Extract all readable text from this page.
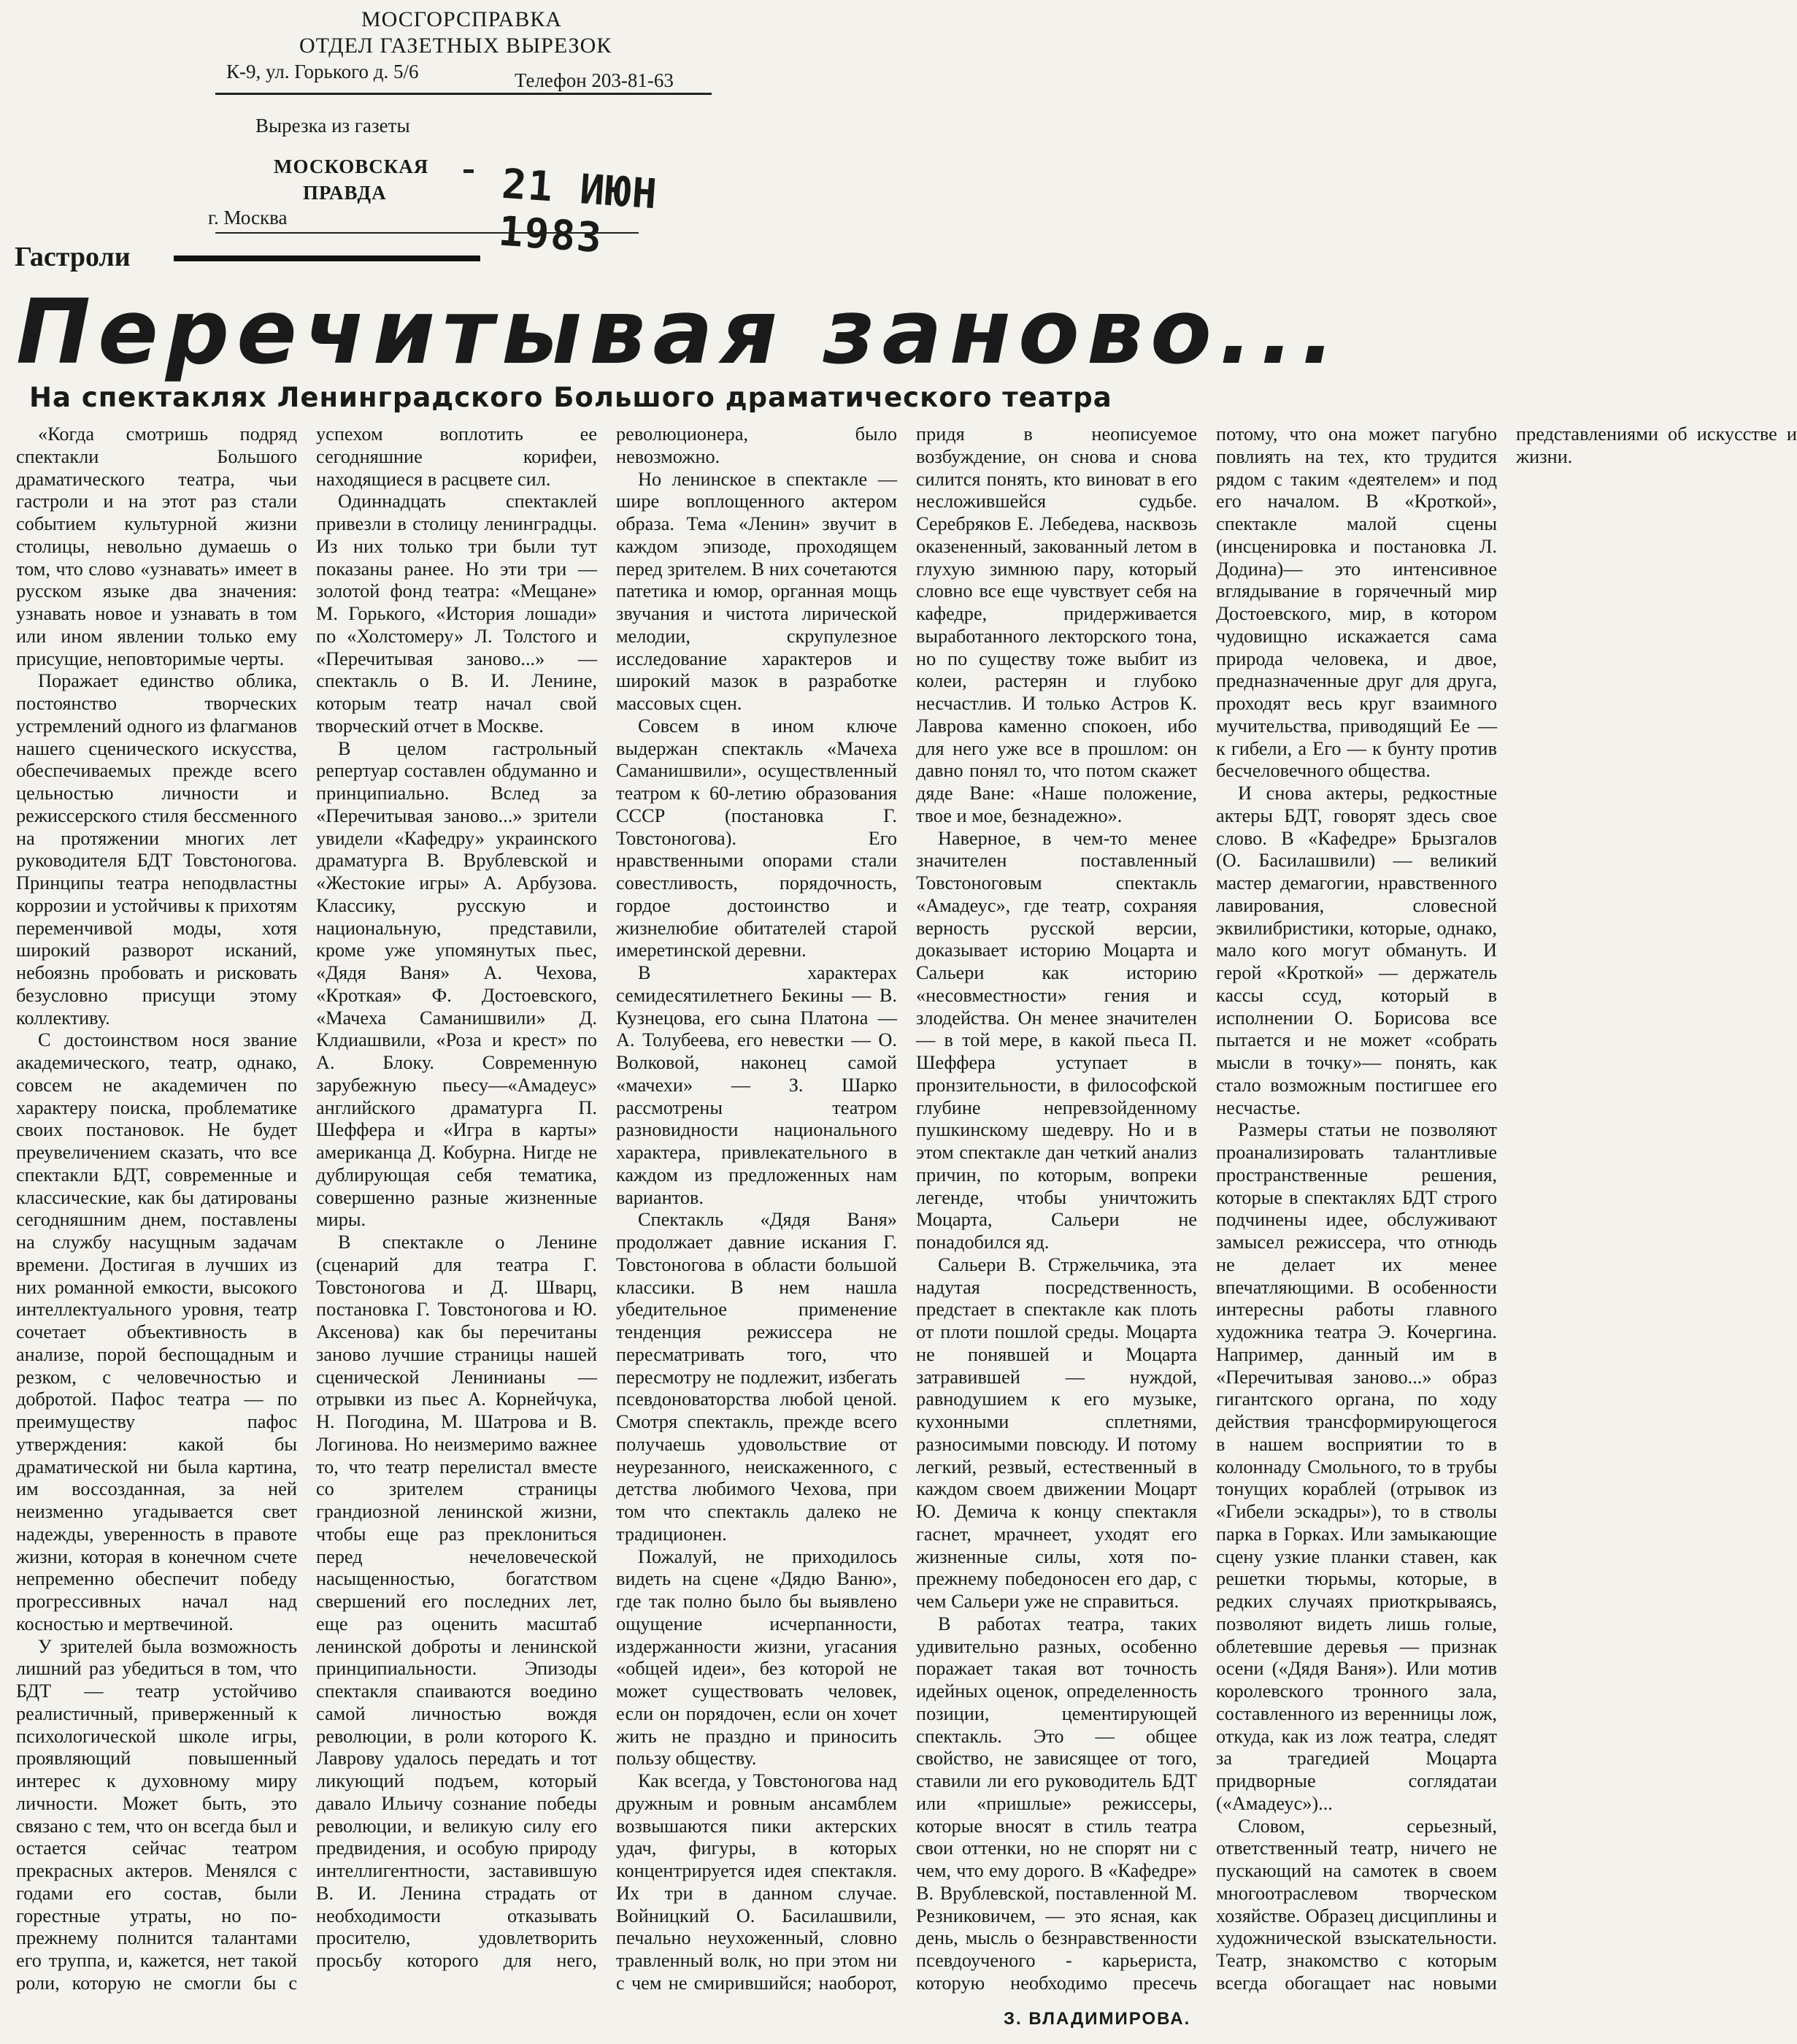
МОСГОРСПРАВКА
ОТДЕЛ ГАЗЕТНЫХ ВЫРЕЗОК
К-9, ул. Горького д. 5/6	Телефон 203-81-63
Вырезка из газеты
МОСКОВСКАЯ
ПРАВДА	21 ИЮН 1983
г. Москва
Гастроли
Перечитывая заново...
На спектаклях Ленинградского Большого драматического театра

«Когда смотришь подряд спектакли Большого драматического театра, чьи гастроли и на этот раз стали событием культурной жизни столицы, невольно думаешь о том, что слово «узнавать» имеет в русском языке два значения: узнавать новое и узнавать в том или ином явлении только ему присущие, неповторимые черты.

Поражает единство облика, постоянство творческих устремлений одного из флагманов нашего сценического искусства, обеспечиваемых прежде всего цельностью личности и режиссерского стиля бессменного на протяжении многих лет руководителя БДТ Товстоногова. Принципы театра неподвластны коррозии и устойчивы к прихотям переменчивой моды, хотя широкий разворот исканий, небоязнь пробовать и рисковать безусловно присущи этому коллективу.

С достоинством нося звание академического, театр, однако, совсем не академичен по характеру поиска, проблематике своих постановок. Не будет преувеличением сказать, что все спектакли БДТ, современные и классические, как бы датированы сегодняшним днем, поставлены на службу насущным задачам времени. Достигая в лучших из них романной емкости, высокого интеллектуального уровня, театр сочетает объективность в анализе, порой беспощадным и резком, с человечностью и добротой. Пафос театра — по преимуществу пафос утверждения: какой бы драматической ни была картина, им воссозданная, за ней неизменно угадывается свет надежды, уверенность в правоте жизни, которая в конечном счете непременно обеспечит победу прогрессивных начал над косностью и мертвечиной.

У зрителей была возможность лишний раз убедиться в том, что БДТ — театр устойчиво реалистичный, приверженный к психологической школе игры, проявляющий повышенный интерес к духовному миру личности. Может быть, это связано с тем, что он всегда был и остается сейчас театром прекрасных актеров. Менялся с годами его состав, были горестные утраты, но по-прежнему полнится талантами его труппа, и, кажется, нет такой роли, которую не смогли бы с успехом воплотить ее сегодняшние корифеи, находящиеся в расцвете сил.

Одиннадцать спектаклей привезли в столицу ленинградцы. Из них только три были тут показаны ранее. Но эти три — золотой фонд театра: «Мещане» М. Горького, «История лошади» по «Холстомеру» Л. Толстого и «Перечитывая заново...» — спектакль о В. И. Ленине, которым театр начал свой творческий отчет в Москве.

В целом гастрольный репертуар составлен обдуманно и принципиально. Вслед за «Перечитывая заново...» зрители увидели «Кафедру» украинского драматурга В. Врублевской и «Жестокие игры» А. Арбузова. Классику, русскую и национальную, представили, кроме уже упомянутых пьес, «Дядя Ваня» А. Чехова, «Кроткая» Ф. Достоевского, «Мачеха Саманишвили» Д. Клдиашвили, «Роза и крест» по А. Блоку. Современную зарубежную пьесу—«Амадеус» английского драматурга П. Шеффера и «Игра в карты» американца Д. Кобурна. Нигде не дублирующая себя тематика, совершенно разные жизненные миры.

В спектакле о Ленине (сценарий для театра Г. Товстоногова и Д. Шварц, постановка Г. Товстоногова и Ю. Аксенова) как бы перечитаны заново лучшие страницы нашей сценической Ленинианы — отрывки из пьес А. Корнейчука, Н. Погодина, М. Шатрова и В. Логинова. Но неизмеримо важнее то, что театр перелистал вместе со зрителем страницы грандиозной ленинской жизни, чтобы еще раз преклониться перед нечеловеческой насыщенностью, богатством свершений его последних лет, еще раз оценить масштаб ленинской доброты и ленинской принципиальности. Эпизоды спектакля спаиваются воедино самой личностью вождя революции, в роли которого К. Лаврову удалось передать и тот ликующий подъем, который давало Ильичу сознание победы революции, и великую силу его предвидения, и особую природу интеллигентности, заставившую В. И. Ленина страдать от необходимости отказывать просителю, удовлетворить просьбу которого для него, революционера, было невозможно.

Но ленинское в спектакле — шире воплощенного актером образа. Тема «Ленин» звучит в каждом эпизоде, проходящем перед зрителем. В них сочетаются патетика и юмор, органная мощь звучания и чистота лирической мелодии, скрупулезное исследование характеров и широкий мазок в разработке массовых сцен.

Совсем в ином ключе выдержан спектакль «Мачеха Саманишвили», осуществленный театром к 60-летию образования СССР (постановка Г. Товстоногова). Его нравственными опорами стали совестливость, порядочность, гордое достоинство и жизнелюбие обитателей старой имеретинской деревни.

В характерах семидесятилетнего Бекины — В. Кузнецова, его сына Платона — А. Толубеева, его невестки — О. Волковой, наконец самой «мачехи» — З. Шарко рассмотрены театром разновидности национального характера, привлекательного в каждом из предложенных нам вариантов.

Спектакль «Дядя Ваня» продолжает давние искания Г. Товстоногова в области большой классики. В нем нашла убедительное применение тенденция режиссера не пересматривать того, что пересмотру не подлежит, избегать псевдоноваторства любой ценой. Смотря спектакль, прежде всего получаешь удовольствие от неурезанного, неискаженного, с детства любимого Чехова, при том что спектакль далеко не традиционен.

Пожалуй, не приходилось видеть на сцене «Дядю Ваню», где так полно было бы выявлено ощущение исчерпанности, издержанности жизни, угасания «общей идеи», без которой не может существовать человек, если он порядочен, если он хочет жить не праздно и приносить пользу обществу.

Как всегда, у Товстоногова над дружным и ровным ансамблем возвышаются пики актерских удач, фигуры, в которых концентрируется идея спектакля. Их три в данном случае. Войницкий О. Басилашвили, печально неухоженный, словно травленный волк, но при этом ни с чем не смирившийся; наоборот, придя в неописуемое возбуждение, он снова и снова силится понять, кто виноват в его несложившейся судьбе. Серебряков Е. Лебедева, насквозь оказененный, закованный летом в глухую зимнюю пару, который словно все еще чувствует себя на кафедре, придерживается выработанного лекторского тона, но по существу тоже выбит из колеи, растерян и глубоко несчастлив. И только Астров К. Лаврова каменно спокоен, ибо для него уже все в прошлом: он давно понял то, что потом скажет дяде Ване: «Наше положение, твое и мое, безнадежно».

Наверное, в чем-то менее значителен поставленный Товстоноговым спектакль «Амадеус», где театр, сохраняя верность русской версии, доказывает историю Моцарта и Сальери как историю «несовместности» гения и злодейства. Он менее значителен — в той мере, в какой пьеса П. Шеффера уступает в пронзительности, в философской глубине непревзойденному пушкинскому шедевру. Но и в этом спектакле дан четкий анализ причин, по которым, вопреки легенде, чтобы уничтожить Моцарта, Сальери не понадобился яд.

Сальери В. Стржельчика, эта надутая посредственность, предстает в спектакле как плоть от плоти пошлой среды. Моцарта не понявшей и Моцарта затравившей — нуждой, равнодушием к его музыке, кухонными сплетнями, разносимыми повсюду. И потому легкий, резвый, естественный в каждом своем движении Моцарт Ю. Демича к концу спектакля гаснет, мрачнеет, уходят его жизненные силы, хотя по-прежнему победоносен его дар, с чем Сальери уже не справиться.

В работах театра, таких удивительно разных, особенно поражает такая вот точность идейных оценок, определенность позиции, цементирующей спектакль. Это — общее свойство, не зависящее от того, ставили ли его руководитель БДТ или «пришлые» режиссеры, которые вносят в стиль театра свои оттенки, но не спорят ни с чем, что ему дорого. В «Кафедре» В. Врублевской, поставленной М. Резниковичем, — это ясная, как день, мысль о безнравственности псевдоученого - карьериста, которую необходимо пресечь потому, что она может пагубно повлиять на тех, кто трудится рядом с таким «деятелем» и под его началом. В «Кроткой», спектакле малой сцены (инсценировка и постановка Л. Додина)— это интенсивное вглядывание в горячечный мир Достоевского, мир, в котором чудовищно искажается сама природа человека, и двое, предназначенные друг для друга, проходят весь круг взаимного мучительства, приводящий Ее — к гибели, а Его — к бунту против бесчеловечного общества.

И снова актеры, редкостные актеры БДТ, говорят здесь свое слово. В «Кафедре» Брызгалов (О. Басилашвили) — великий мастер демагогии, нравственного лавирования, словесной эквилибристики, которые, однако, мало кого могут обмануть. И герой «Кроткой» — держатель кассы ссуд, который в исполнении О. Борисова все пытается и не может «собрать мысли в точку»— понять, как стало возможным постигшее его несчастье.

Размеры статьи не позволяют проанализировать талантливые пространственные решения, которые в спектаклях БДТ строго подчинены идее, обслуживают замысел режиссера, что отнюдь не делает их менее впечатляющими. В особенности интересны работы главного художника театра Э. Кочергина. Например, данный им в «Перечитывая заново...» образ гигантского органа, по ходу действия трансформирующегося в нашем восприятии то в колоннаду Смольного, то в трубы тонущих кораблей (отрывок из «Гибели эскадры»), то в стволы парка в Горках. Или замыкающие сцену узкие планки ставен, как решетки тюрьмы, которые, в редких случаях приоткрываясь, позволяют видеть лишь голые, облетевшие деревья — признак осени («Дядя Ваня»). Или мотив королевского тронного зала, составленного из веренницы лож, откуда, как из лож театра, следят за трагедией Моцарта придворные соглядатаи («Амадеус»)...

Словом, серьезный, ответственный театр, ничего не пускающий на самотек в своем многоотраслевом творческом хозяйстве. Образец дисциплины и художнической взыскательности. Театр, знакомство с которым всегда обогащает нас новыми представлениями об искусстве и жизни.

З. ВЛАДИМИРОВА.
